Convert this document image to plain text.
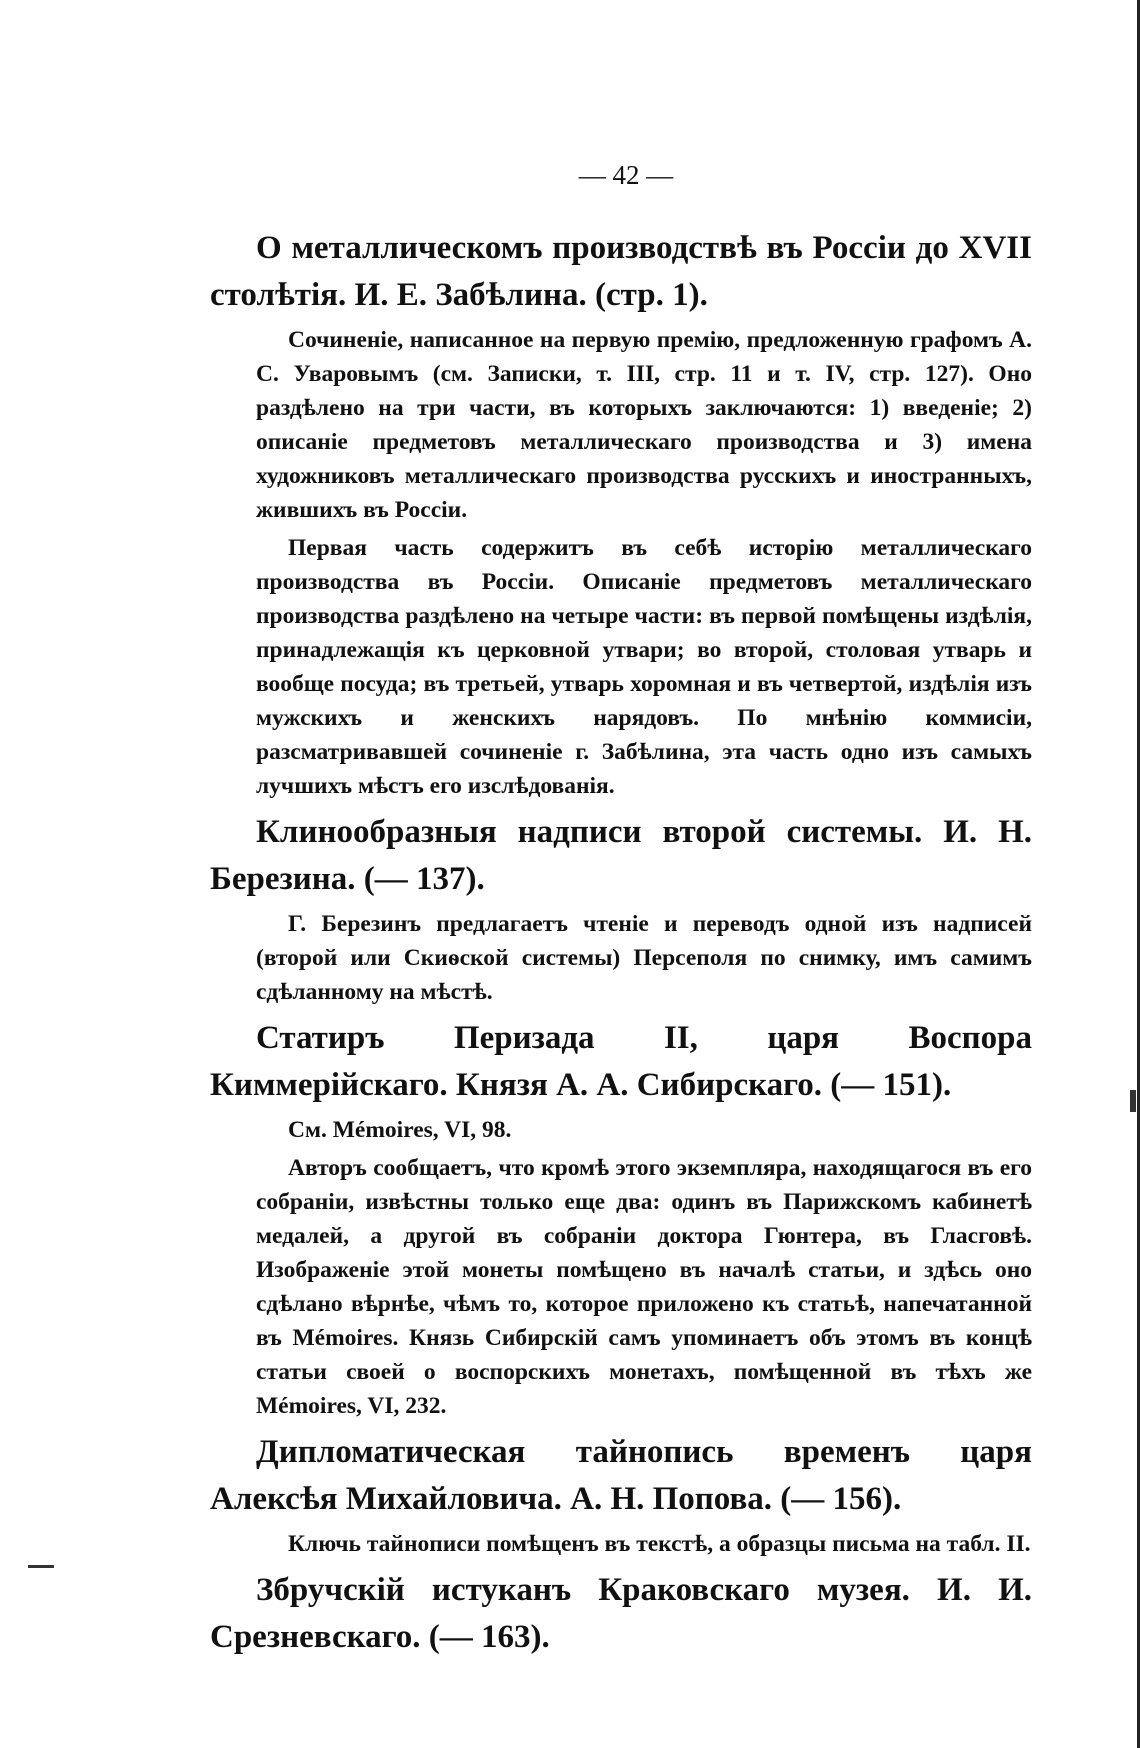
— 42 —

О металлическомъ производствѣ въ Россіи до XVII столѣтія. И. Е. Забѣлина. (стр. 1).

Сочиненіе, написанное на первую премію, предложенную графомъ А. С. Уваровымъ (см. Записки, т. III, стр. 11 и т. IV, стр. 127). Оно раздѣлено на три части, въ которыхъ заключаются: 1) введеніе; 2) описаніе предметовъ металлическаго производства и 3) имена художниковъ металлическаго производства русскихъ и иностранныхъ, жившихъ въ Россіи.

Первая часть содержитъ въ себѣ исторію металлическаго производства въ Россіи. Описаніе предметовъ металлическаго производства раздѣлено на четыре части: въ первой помѣщены издѣлія, принадлежащія къ церковной утвари; во второй, столовая утварь и вообще посуда; въ третьей, утварь хоромная и въ четвертой, издѣлія изъ мужскихъ и женскихъ нарядовъ. По мнѣнію коммисіи, разсматривавшей сочиненіе г. Забѣлина, эта часть одно изъ самыхъ лучшихъ мѣстъ его изслѣдованія.

Клинообразныя надписи второй системы. И. Н. Березина. (— 137).

Г. Березинъ предлагаетъ чтеніе и переводъ одной изъ надписей (второй или Скиѳской системы) Персеполя по снимку, имъ самимъ сдѣланному на мѣстѣ.

Статиръ Перизада II, царя Воспора Киммерійскаго. Князя А. А. Сибирскаго. (— 151).

См. Mémoires, VI, 98.

Авторъ сообщаетъ, что кромѣ этого экземпляра, находящагося въ его собраніи, извѣстны только еще два: одинъ въ Парижскомъ кабинетѣ медалей, а другой въ собраніи доктора Гюнтера, въ Гласговѣ. Изображеніе этой монеты помѣщено въ началѣ статьи, и здѣсь оно сдѣлано вѣрнѣе, чѣмъ то, которое приложено къ статьѣ, напечатанной въ Mémoires. Князь Сибирскій самъ упоминаетъ объ этомъ въ концѣ статьи своей о воспорскихъ монетахъ, помѣщенной въ тѣхъ же Mémoires, VI, 232.

Дипломатическая тайнопись временъ царя Алексѣя Михайловича. А. Н. Попова. (— 156).

Ключь тайнописи помѣщенъ въ текстѣ, а образцы письма на табл. II.

Збручскій истуканъ Краковскаго музея. И. И. Срезневскаго. (— 163).
